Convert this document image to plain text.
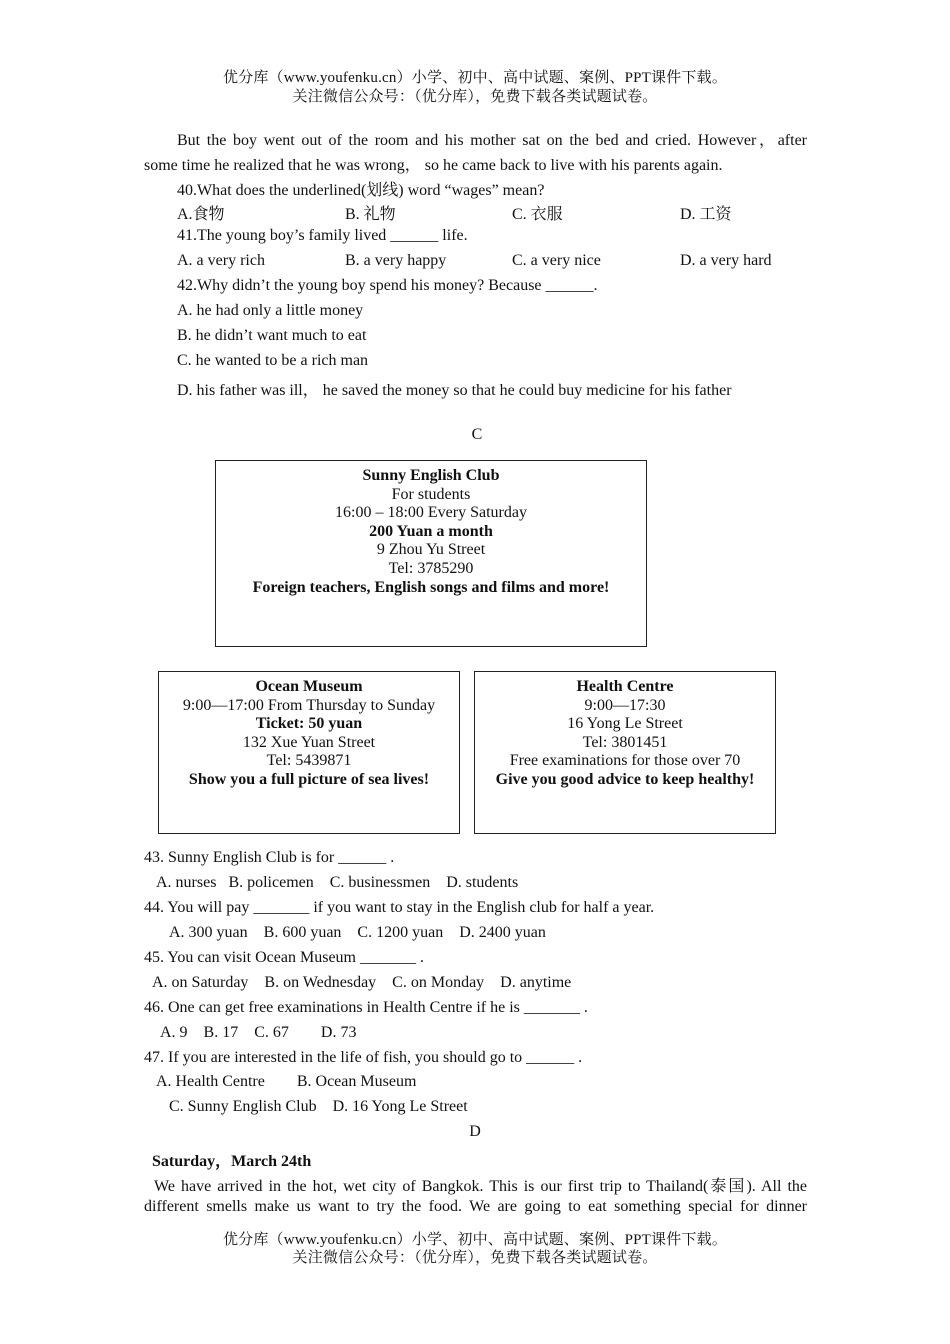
优分库（www.youfenku.cn）小学、初中、高中试题、案例、PPT课件下载。
关注微信公众号：（优分库），免费下载各类试题试卷。
But the boy went out of the room and his mother sat on the bed and cried. However，after
some time he realized that he was wrong， so he came back to live with his parents again.
40.What does the underlined(划线) word “wages” mean?
A.食物	B. 礼物	C. 衣服	D. 工资
41.The young boy’s family lived ______ life.
A. a very rich	B. a very happy	C. a very nice	D. a very hard
42.Why didn’t the young boy spend his money? Because ______.
A. he had only a little money
B. he didn’t want much to eat
C. he wanted to be a rich man
D. his father was ill， he saved the money so that he could buy medicine for his father
C
Sunny English Club
For students
16:00 – 18:00 Every Saturday
200 Yuan a month
9 Zhou Yu Street
Tel: 3785290
Foreign teachers, English songs and films and more!
Ocean Museum
9:00—17:00 From Thursday to Sunday
Ticket: 50 yuan
132 Xue Yuan Street
Tel: 5439871
Show you a full picture of sea lives!
Health Centre
9:00—17:30
16 Yong Le Street
Tel: 3801451
Free examinations for those over 70
Give you good advice to keep healthy!
43. Sunny English Club is for ______ .
A. nurses   B. policemen    C. businessmen    D. students
44. You will pay _______ if you want to stay in the English club for half a year.
A. 300 yuan    B. 600 yuan    C. 1200 yuan    D. 2400 yuan
45. You can visit Ocean Museum _______ .
A. on Saturday    B. on Wednesday    C. on Monday    D. anytime
46. One can get free examinations in Health Centre if he is _______ .
A. 9    B. 17    C. 67        D. 73
47. If you are interested in the life of fish, you should go to ______ .
A. Health Centre        B. Ocean Museum
C. Sunny English Club    D. 16 Yong Le Street
D
Saturday，March 24th
We have arrived in the hot, wet city of Bangkok. This is our first trip to Thailand(泰国). All the
different smells make us want to try the food. We are going to eat something special for dinner
优分库（www.youfenku.cn）小学、初中、高中试题、案例、PPT课件下载。
关注微信公众号：（优分库），免费下载各类试题试卷。
